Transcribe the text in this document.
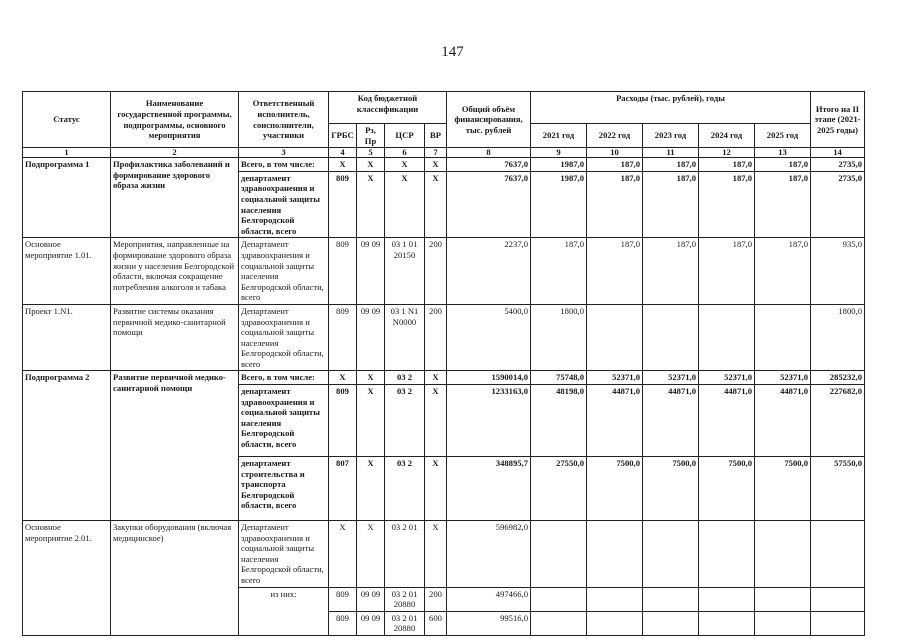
147
Статус	Наименование государственной программы, подпрограммы, основного мероприятия	Ответственный исполнитель, соисполнители, участники	Код бюджетной классификации				Общий объём финансирования, тыс. рублей	Расходы (тыс. рублей), годы					Итого на II этапе (2021-2025 годы)
			ГРБС	Рз, Пр	ЦСР	ВР		2021 год	2022 год	2023 год	2024 год	2025 год	
1	2	3	4	5	6	7	8	9	10	11	12	13	14
Подпрограмма 1	Профилактика заболеваний и формирование здорового образа жизни	Всего, в том числе:	X	X	X	X	7637,0	1987,0	187,0	187,0	187,0	187,0	2735,0
		департамент здравоохранения и социальной защиты населения Белгородской области, всего	809	X	X	X	7637,0	1987,0	187,0	187,0	187,0	187,0	2735,0
Основное мероприятие 1.01.	Мероприятия, направленные на формирование здорового образа жизни у населения Белгородской области, включая сокращение потребления алкоголя и табака	Департамент здравоохранения и социальной защиты населения Белгородской области, всего	809	09 09	03 1 01 20150	200	2237,0	187,0	187,0	187,0	187,0	187,0	935,0
Проект 1.N1.	Развитие системы оказания первичной медико-санитарной помощи	Департамент здравоохранения и социальной защиты населения Белгородской области, всего	809	09 09	03 1 N1 N0000	200	5400,0	1800,0					1800,0
Подпрограмма 2	Развитие первичной медико-санитарной помощи	Всего, в том числе:	X	X	03 2	X	1590014,0	75748,0	52371,0	52371,0	52371,0	52371,0	285232,0
		департамент здравоохранения и социальной защиты населения Белгородской области, всего	809	X	03 2	X	1233163,0	48198,0	44871,0	44871,0	44871,0	44871,0	227682,0
		департамент строительства и транспорта Белгородской области, всего	807	X	03 2	X	348895,7	27550,0	7500,0	7500,0	7500,0	7500,0	57550,0
Основное мероприятие 2.01.	Закупки оборудования (включая медицинское)	Департамент здравоохранения и социальной защиты населения Белгородской области, всего	X	X	03 2 01	X	596982,0						
		из них:	809	09 09	03 2 01 20880	200	497466,0						
			809	09 09	03 2 01 20880	600	99516,0						
